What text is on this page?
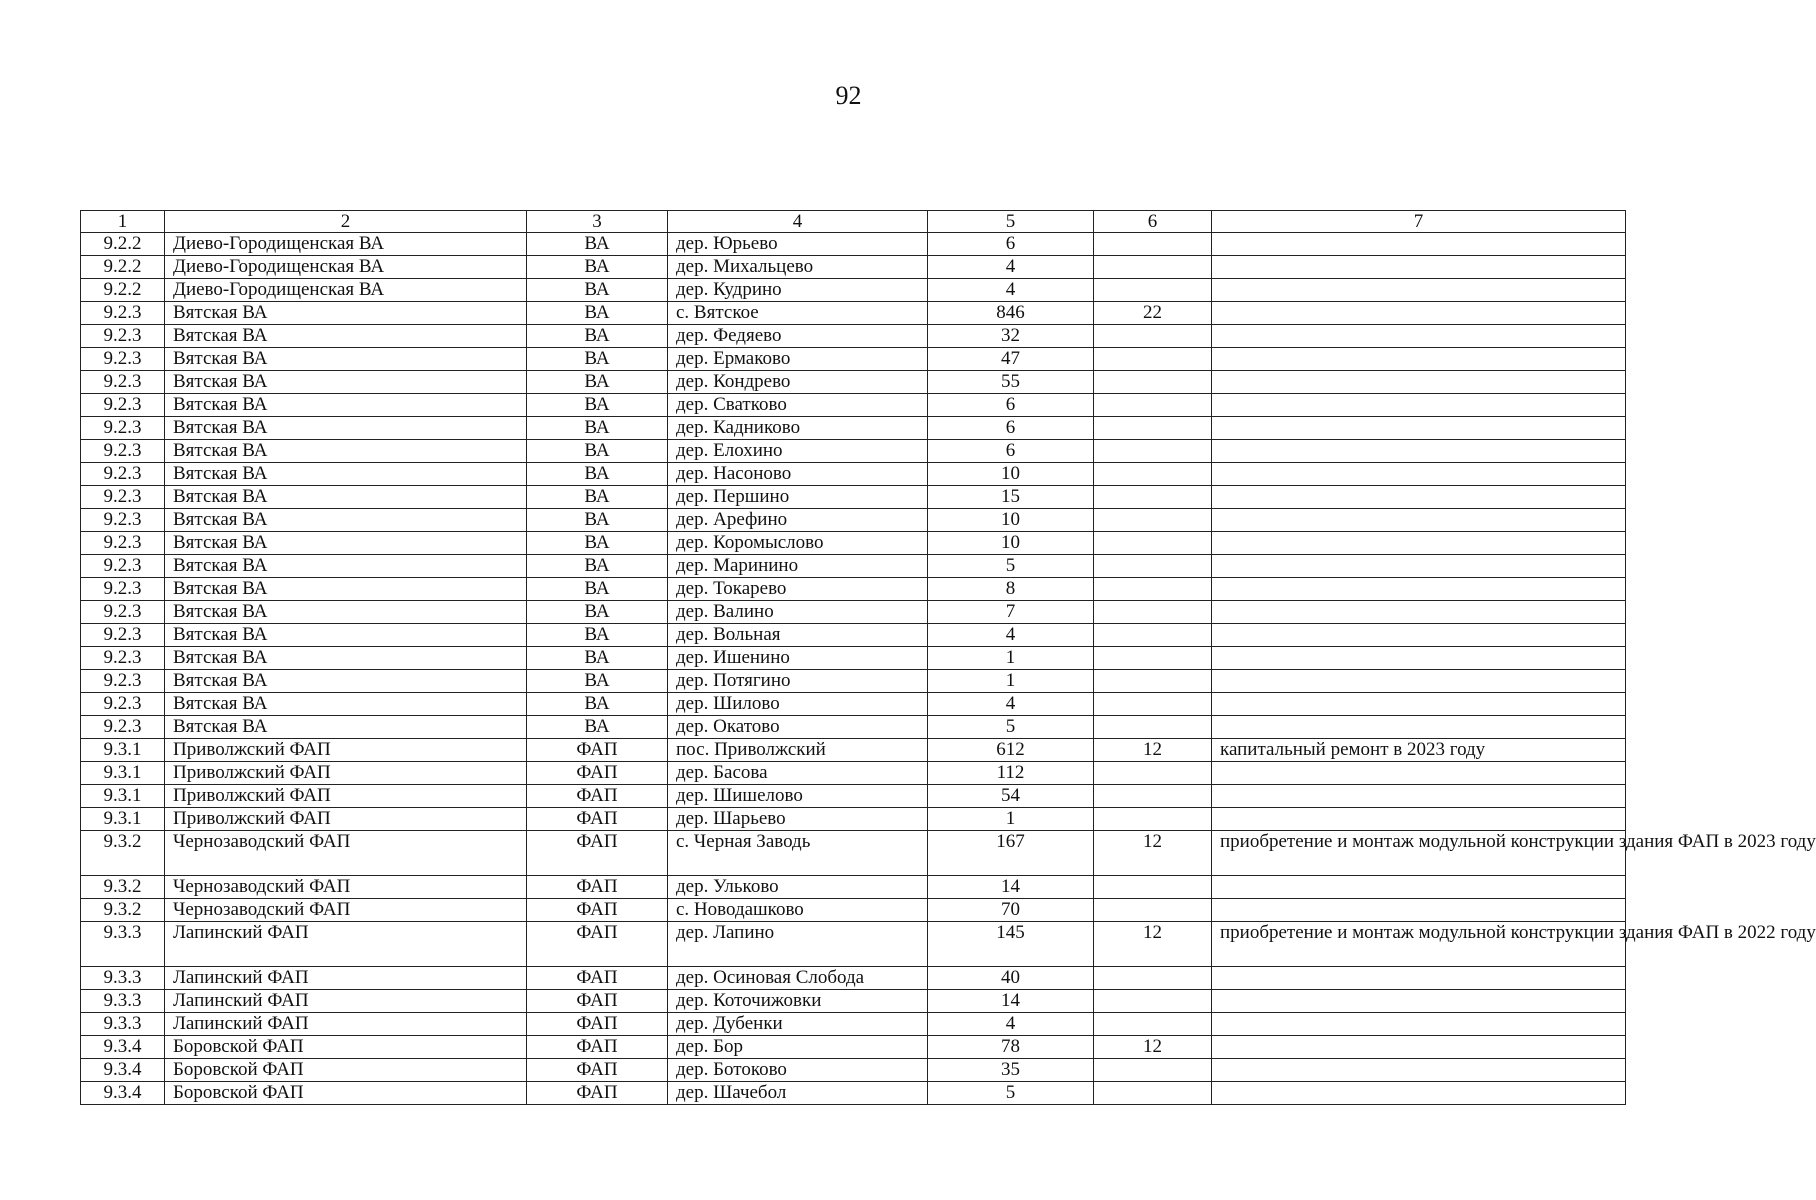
92
1	2	3	4	5	6	7
9.2.2	Диево-Городищенская ВА	ВА	дер. Юрьево	6		
9.2.2	Диево-Городищенская ВА	ВА	дер. Михальцево	4		
9.2.2	Диево-Городищенская ВА	ВА	дер. Кудрино	4		
9.2.3	Вятская ВА	ВА	с. Вятское	846	22	
9.2.3	Вятская ВА	ВА	дер. Федяево	32		
9.2.3	Вятская ВА	ВА	дер. Ермаково	47		
9.2.3	Вятская ВА	ВА	дер. Кондрево	55		
9.2.3	Вятская ВА	ВА	дер. Сватково	6		
9.2.3	Вятская ВА	ВА	дер. Кадниково	6		
9.2.3	Вятская ВА	ВА	дер. Елохино	6		
9.2.3	Вятская ВА	ВА	дер. Насоново	10		
9.2.3	Вятская ВА	ВА	дер. Першино	15		
9.2.3	Вятская ВА	ВА	дер. Арефино	10		
9.2.3	Вятская ВА	ВА	дер. Коромыслово	10		
9.2.3	Вятская ВА	ВА	дер. Маринино	5		
9.2.3	Вятская ВА	ВА	дер. Токарево	8		
9.2.3	Вятская ВА	ВА	дер. Валино	7		
9.2.3	Вятская ВА	ВА	дер. Вольная	4		
9.2.3	Вятская ВА	ВА	дер. Ишенино	1		
9.2.3	Вятская ВА	ВА	дер. Потягино	1		
9.2.3	Вятская ВА	ВА	дер. Шилово	4		
9.2.3	Вятская ВА	ВА	дер. Окатово	5		
9.3.1	Приволжский ФАП	ФАП	пос. Приволжский	612	12	капитальный ремонт в 2023 году
9.3.1	Приволжский ФАП	ФАП	дер. Басова	112		
9.3.1	Приволжский ФАП	ФАП	дер. Шишелово	54		
9.3.1	Приволжский ФАП	ФАП	дер. Шарьево	1		
9.3.2	Чернозаводский ФАП	ФАП	с. Черная Заводь	167	12	приобретение и монтаж модульной конструкции здания ФАП в 2023 году
9.3.2	Чернозаводский ФАП	ФАП	дер. Ульково	14		
9.3.2	Чернозаводский ФАП	ФАП	с. Новодашково	70		
9.3.3	Лапинский ФАП	ФАП	дер. Лапино	145	12	приобретение и монтаж модульной конструкции здания ФАП в 2022 году
9.3.3	Лапинский ФАП	ФАП	дер. Осиновая Слобода	40		
9.3.3	Лапинский ФАП	ФАП	дер. Коточижовки	14		
9.3.3	Лапинский ФАП	ФАП	дер. Дубенки	4		
9.3.4	Боровской ФАП	ФАП	дер. Бор	78	12	
9.3.4	Боровской ФАП	ФАП	дер. Ботоково	35		
9.3.4	Боровской ФАП	ФАП	дер. Шачебол	5		
